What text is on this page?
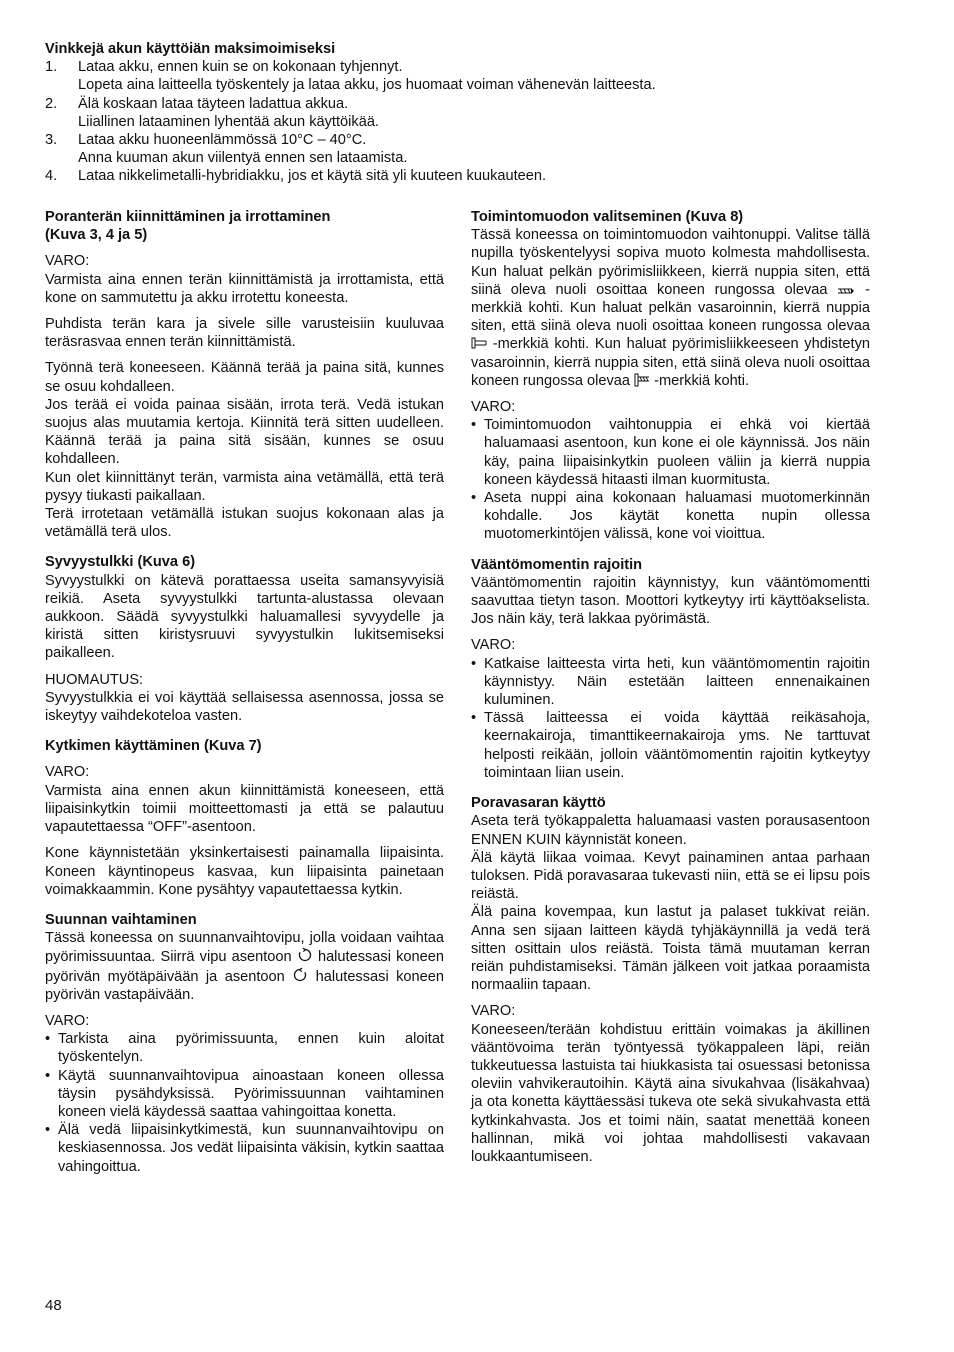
Vinkkejä akun käyttöiän maksimoimiseksi
1. Lataa akku, ennen kuin se on kokonaan tyhjennyt.

Lopeta aina laitteella työskentely ja lataa akku, jos huomaat voiman vähenevän laitteesta.

2. Älä koskaan lataa täyteen ladattua akkua.

Liiallinen lataaminen lyhentää akun käyttöikää.

3. Lataa akku huoneenlämmössä 10°C – 40°C.

Anna kuuman akun viilentyä ennen sen lataamista.

4. Lataa nikkelimetalli-hybridiakku, jos et käytä sitä yli kuuteen kuukauteen.

Poranterän kiinnittäminen ja irrottaminen
(Kuva 3, 4 ja 5)

VARO:

Varmista aina ennen terän kiinnittämistä ja irrottamista, että kone on sammutettu ja akku irrotettu koneesta.

Puhdista terän kara ja sivele sille varusteisiin kuuluvaa teräsrasvaa ennen terän kiinnittämistä.

Työnnä terä koneeseen. Käännä terää ja paina sitä, kunnes se osuu kohdalleen.

Jos terää ei voida painaa sisään, irrota terä. Vedä istukan suojus alas muutamia kertoja. Kiinnitä terä sitten uudelleen. Käännä terää ja paina sitä sisään, kunnes se osuu kohdalleen.

Kun olet kiinnittänyt terän, varmista aina vetämällä, että terä pysyy tiukasti paikallaan.

Terä irrotetaan vetämällä istukan suojus kokonaan alas ja vetämällä terä ulos.

Syvyystulkki (Kuva 6)

Syvyystulkki on kätevä porattaessa useita samansyvyisiä reikiä. Aseta syvyystulkki tartunta-alustassa olevaan aukkoon. Säädä syvyystulkki haluamallesi syvyydelle ja kiristä sitten kiristysruuvi syvyystulkin lukitsemiseksi paikalleen.

HUOMAUTUS:

Syvyystulkkia ei voi käyttää sellaisessa asennossa, jossa se iskeytyy vaihdekoteloa vasten.

Kytkimen käyttäminen (Kuva 7)

VARO:

Varmista aina ennen akun kiinnittämistä koneeseen, että liipaisinkytkin toimii moitteettomasti ja että se palautuu vapautettaessa “OFF”-asentoon.

Kone käynnistetään yksinkertaisesti painamalla liipaisinta. Koneen käyntinopeus kasvaa, kun liipaisinta painetaan voimakkaammin. Kone pysähtyy vapautettaessa kytkin.

Suunnan vaihtaminen

Tässä koneessa on suunnanvaihtovipu, jolla voidaan vaihtaa pyörimissuuntaa. Siirrä vipu asentoon halutessasi koneen pyörivän myötäpäivään ja asentoon halutessasi koneen pyörivän vastapäivään.

VARO:

• Tarkista aina pyörimissuunta, ennen kuin aloitat työskentelyn.
• Käytä suunnanvaihtovipua ainoastaan koneen ollessa täysin pysähdyksissä. Pyörimissuunnan vaihtaminen koneen vielä käydessä saattaa vahingoittaa konetta.
• Älä vedä liipaisinkytkimestä, kun suunnanvaihtovipu on keskiasennossa. Jos vedät liipaisinta väkisin, kytkin saattaa vahingoittua.
Toimintomuodon valitseminen (Kuva 8)

Tässä koneessa on toimintomuodon vaihtonuppi. Valitse tällä nupilla työskentelyysi sopiva muoto kolmesta mahdollisesta. Kun haluat pelkän pyörimisliikkeen, kierrä nuppia siten, että siinä oleva nuoli osoittaa koneen rungossa olevaa	-merkkiä kohti. Kun haluat pelkän vasaroinnin, kierrä nuppia siten, että siinä oleva nuoli osoittaa koneen rungossa olevaa  -merkkiä kohti. Kun haluat pyörimisliikkeeseen yhdistetyn vasaroinnin, kierrä nuppia siten, että siinä oleva nuoli osoittaa koneen rungossa olevaa -merkkiä kohti.

VARO:

• Toimintomuodon vaihtonuppia ei ehkä voi kiertää haluamaasi asentoon, kun kone ei ole käynnissä. Jos näin käy, paina liipaisinkytkin puoleen väliin ja kierrä nuppia koneen käydessä hitaasti ilman kuormitusta.
• Aseta nuppi aina kokonaan haluamasi muotomerkinnän kohdalle. Jos käytät konetta nupin ollessa muotomerkintöjen välissä, kone voi vioittua.
Vääntömomentin rajoitin

Vääntömomentin rajoitin käynnistyy, kun vääntömomentti saavuttaa tietyn tason. Moottori kytkeytyy irti käyttöakselista. Jos näin käy, terä lakkaa pyörimästä.

VARO:

• Katkaise laitteesta virta heti, kun vääntömomentin rajoitin käynnistyy. Näin estetään laitteen ennenaikainen kuluminen.
• Tässä laitteessa ei voida käyttää reikäsahoja, keernakairoja, timanttikeernakairoja yms. Ne tarttuvat helposti reikään, jolloin vääntömomentin rajoitin kytkeytyy toimintaan liian usein.
Poravasaran käyttö

Aseta terä työkappaletta haluamaasi vasten porausasentoon ENNEN KUIN käynnistät koneen.

Älä käytä liikaa voimaa. Kevyt painaminen antaa parhaan tuloksen. Pidä poravasaraa tukevasti niin, että se ei lipsu pois reiästä.

Älä paina kovempaa, kun lastut ja palaset tukkivat reiän. Anna sen sijaan laitteen käydä tyhjäkäynnillä ja vedä terä sitten osittain ulos reiästä. Toista tämä muutaman kerran reiän puhdistamiseksi. Tämän jälkeen voit jatkaa poraamista normaaliin tapaan.

VARO:

Koneeseen/terään kohdistuu erittäin voimakas ja äkillinen vääntövoima terän työntyessä työkappaleen läpi, reiän tukkeutuessa lastuista tai hiukkasista tai osuessasi betonissa oleviin vahvikerautoihin. Käytä aina sivukahvaa (lisäkahvaa) ja ota konetta käyttäessäsi tukeva ote sekä sivukahvasta että kytkinkahvasta. Jos et toimi näin, saatat menettää koneen hallinnan, mikä voi johtaa mahdollisesti vakavaan loukkaantumiseen.

48
